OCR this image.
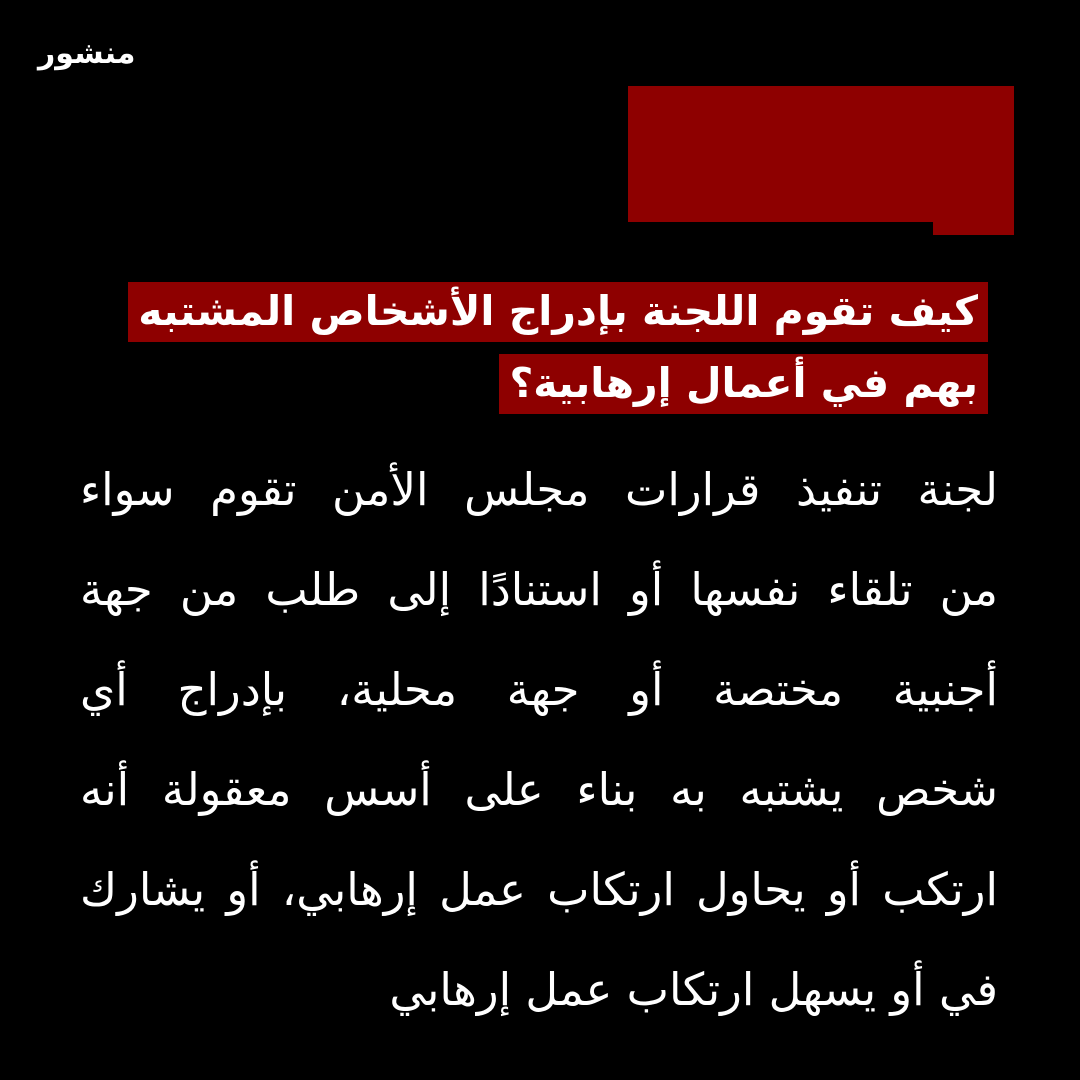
منشور
كيف تقوم اللجنة بإدراج الأشخاص المشتبه
بهم في أعمال إرهابية؟
لجنة تنفيذ قرارات مجلس الأمن تقوم سواء
من تلقاء نفسها أو استنادًا إلى طلب من جهة
أجنبية مختصة أو جهة محلية، بإدراج أي
شخص يشتبه به بناء على أسس معقولة أنه
ارتكب أو يحاول ارتكاب عمل إرهابي، أو يشارك
في أو يسهل ارتكاب عمل إرهابي
